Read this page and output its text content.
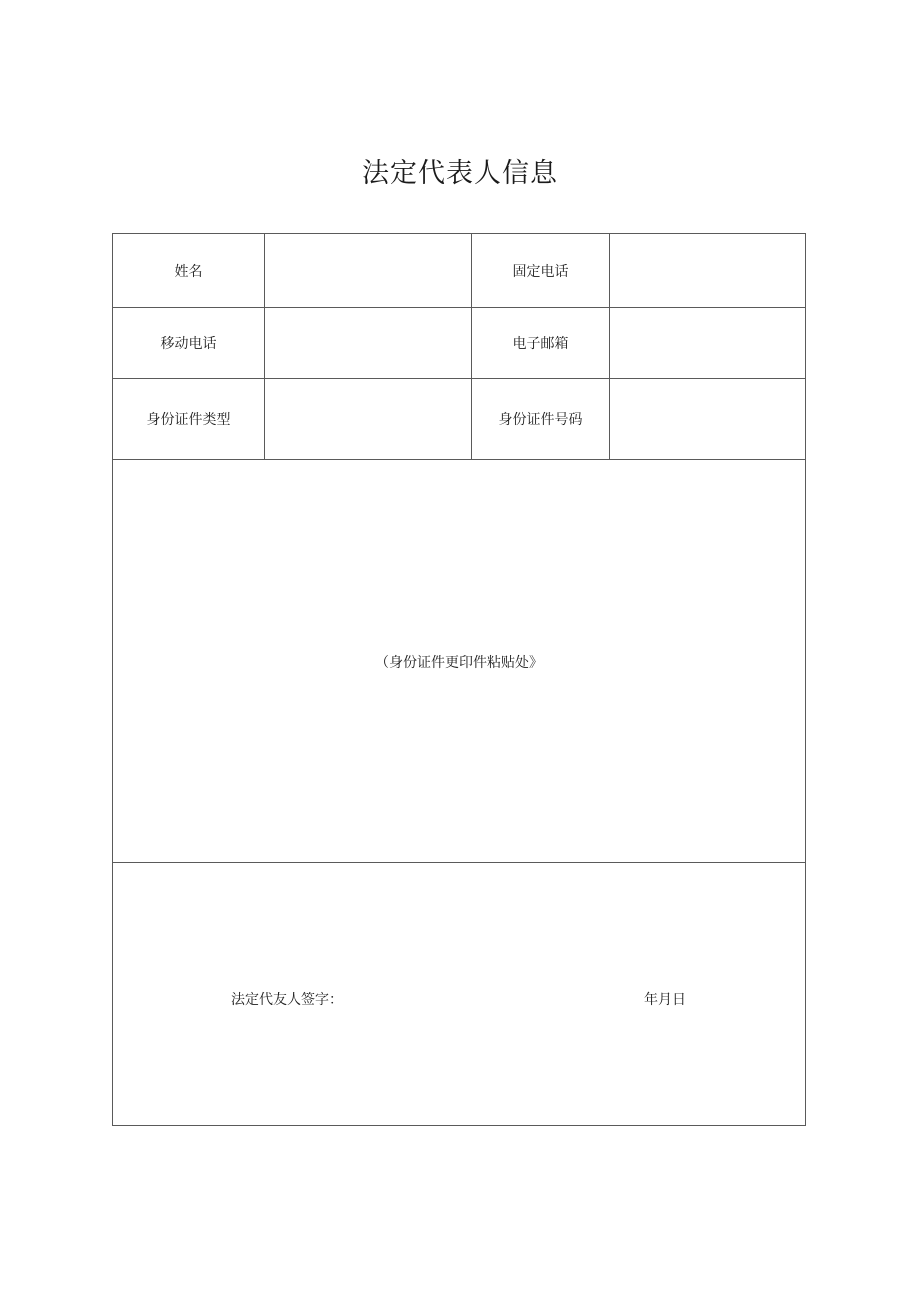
法定代表人信息
姓名	固定电话
移动电话	电子邮箱
身份证件类型	身份证件号码
（身份证件更印件粘贴处》
法定代友人签字：	年月日
